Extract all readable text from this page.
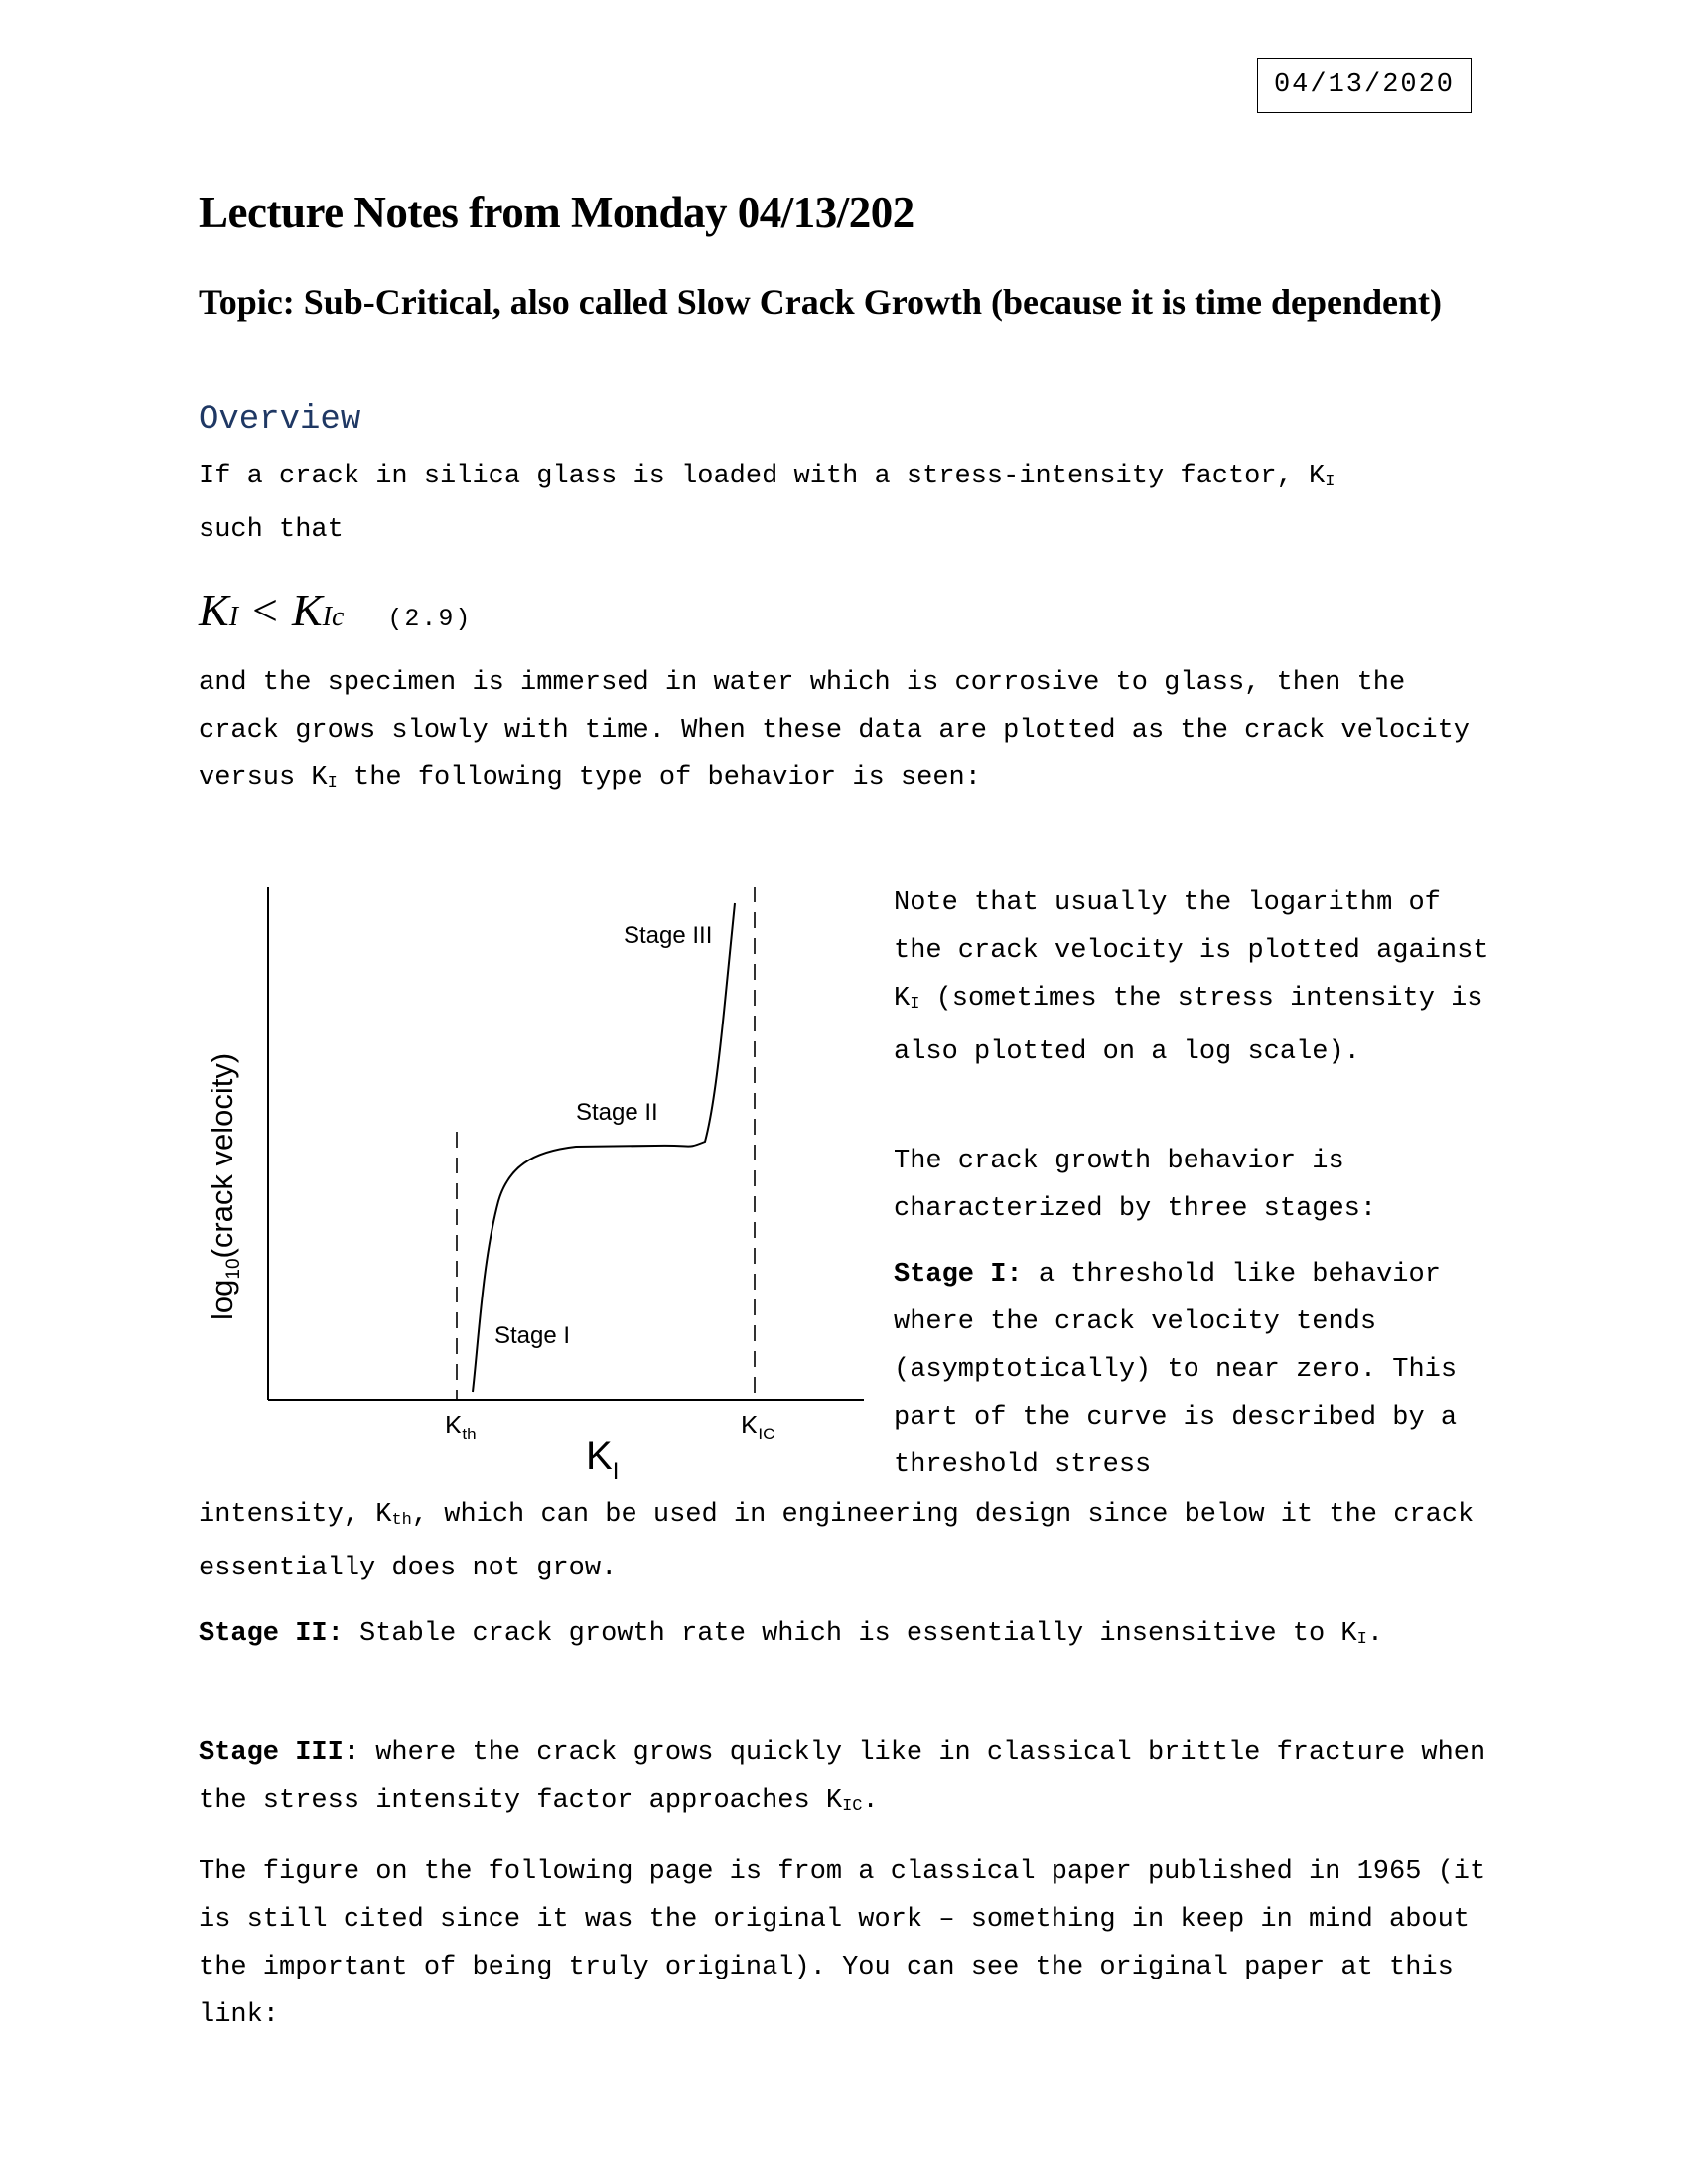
04/13/2020
Lecture Notes from Monday 04/13/202
Topic: Sub-Critical, also called Slow Crack Growth (because it is time dependent)
Overview

If a crack in silica glass is loaded with a stress-intensity factor, KI
such that

K I < K Ic (2.9)

and the specimen is immersed in water which is corrosive to glass, then the crack grows slowly with time. When these data are plotted as the crack velocity versus KI the following type of behavior is seen:

Stage I
Stage II
Stage III
$K_{th}$	$K_{IC}$
$K_I$
$\log_{10}(crack$ velocity)

Note that usually the logarithm of the crack velocity is plotted against KI (sometimes the stress intensity is also plotted on a log scale).

The crack growth behavior is characterized by three stages:

Stage I: a threshold like behavior where the crack velocity tends (asymptotically) to near zero. This part of the curve is described by a threshold stress

intensity, Kth, which can be used in engineering design since below it the crack essentially does not grow.

Stage II: Stable crack growth rate which is essentially insensitive to KI.

Stage III: where the crack grows quickly like in classical brittle fracture when the stress intensity factor approaches KIC.

The figure on the following page is from a classical paper published in 1965 (it is still cited since it was the original work – something in keep in mind about the important of being truly original). You can see the original paper at this link:
